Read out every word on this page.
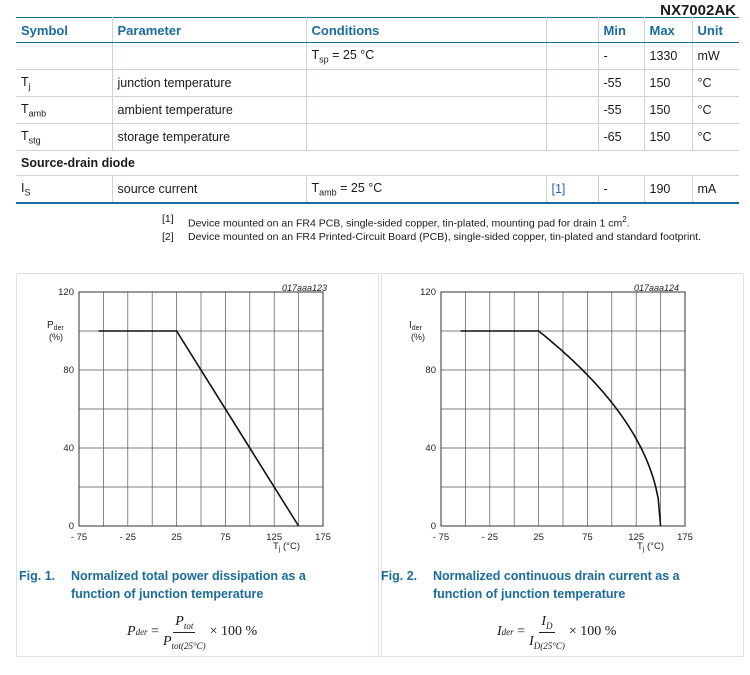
NX7002AK
Symbol	Parameter	Conditions		Min	Max	Unit
		$T_{sp} = 25$ °C		-	1330	mW
$T_j$	junction temperature			-55	150	°C
$T_{amb}$	ambient temperature			-55	150	°C
$T_{stg}$	storage temperature			-65	150	°C
Source-drain diode						
$I_S$	source current	$T_{amb} = 25$ °C	[1]	-	190	mA
[1]	Device mounted on an FR4 PCB, single-sided copper, tin-plated, mounting pad for drain 1 $cm^2$.
[2]	Device mounted on an FR4 Printed-Circuit Board (PCB), single-sided copper, tin-plated and standard footprint.
017aaa123
$P_{der}$
(%)
$T_j$ (°C)
- 75	- 25	25	75	125	175
0
40
80
120
Fig. 1. Normalized total power dissipation as a function of junction temperature
P der = $\frac{P_{tot}}{P_{tot(25^\circ C)}} \times 100$ %
017aaa124
$I_{der}$
(%)
$T_j$ (°C)
- 75	- 25	25	75	125	175
0
40
80
120
Fig. 2. Normalized continuous drain current as a function of junction temperature
I der = $\frac{I_D}{I_{D(25^\circ C)}} \times 100$ %
